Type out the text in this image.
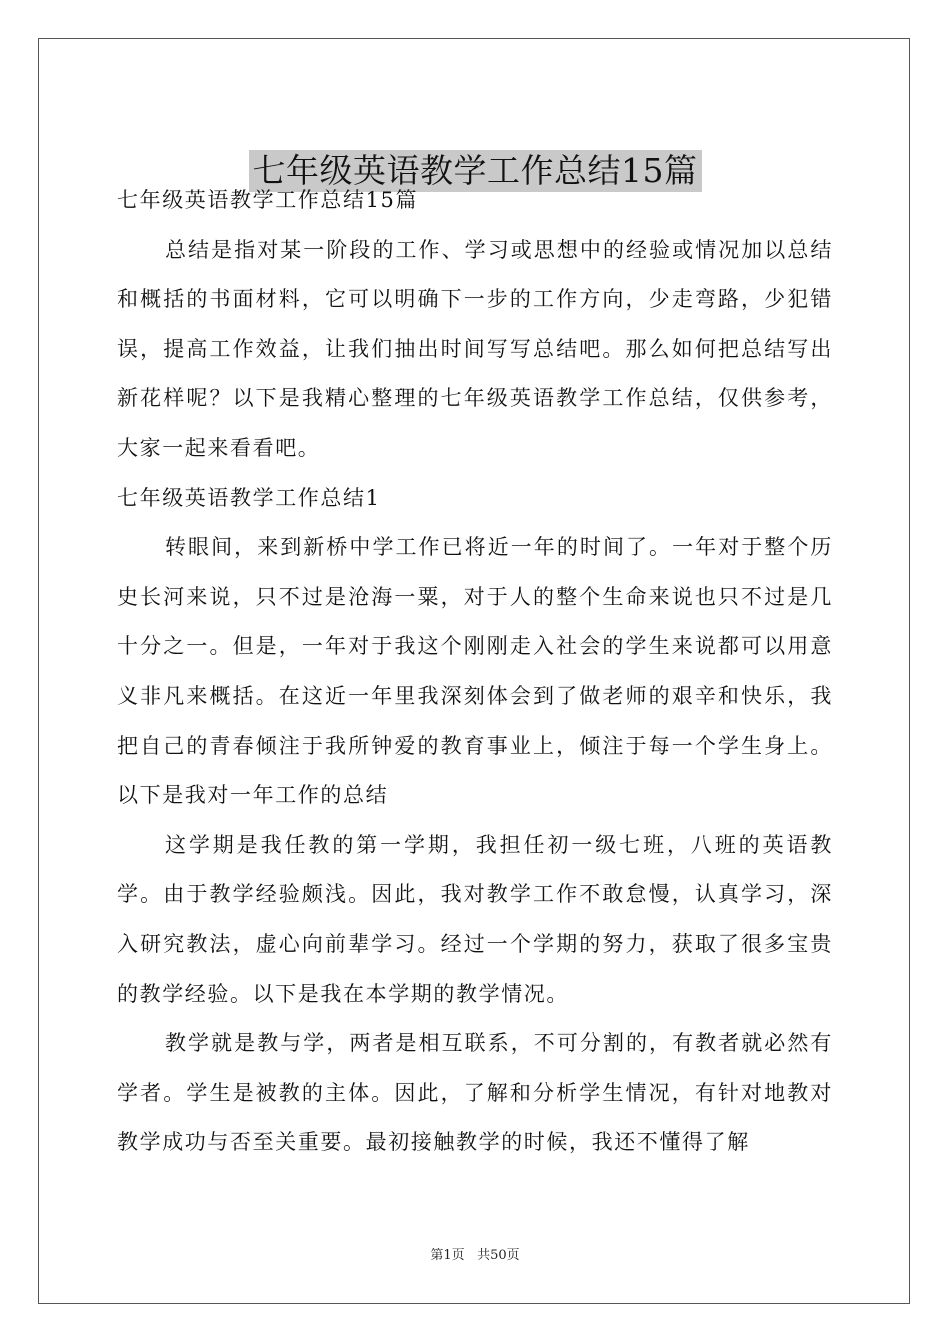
七年级英语教学工作总结15篇

七年级英语教学工作总结15篇

总结是指对某一阶段的工作、学习或思想中的经验或情况加以总结和概括的书面材料，它可以明确下一步的工作方向，少走弯路，少犯错误，提高工作效益，让我们抽出时间写写总结吧。那么如何把总结写出新花样呢？以下是我精心整理的七年级英语教学工作总结，仅供参考，大家一起来看看吧。

七年级英语教学工作总结1

转眼间，来到新桥中学工作已将近一年的时间了。一年对于整个历史长河来说，只不过是沧海一粟，对于人的整个生命来说也只不过是几十分之一。但是，一年对于我这个刚刚走入社会的学生来说都可以用意义非凡来概括。在这近一年里我深刻体会到了做老师的艰辛和快乐，我把自己的青春倾注于我所钟爱的教育事业上，倾注于每一个学生身上。以下是我对一年工作的总结

这学期是我任教的第一学期，我担任初一级七班，八班的英语教学。由于教学经验颇浅。因此，我对教学工作不敢怠慢，认真学习，深入研究教法，虚心向前辈学习。经过一个学期的努力，获取了很多宝贵的教学经验。以下是我在本学期的教学情况。

教学就是教与学，两者是相互联系，不可分割的，有教者就必然有学者。学生是被教的主体。因此，了解和分析学生情况，有针对地教对教学成功与否至关重要。最初接触教学的时候，我还不懂得了解

第1页 共50页
